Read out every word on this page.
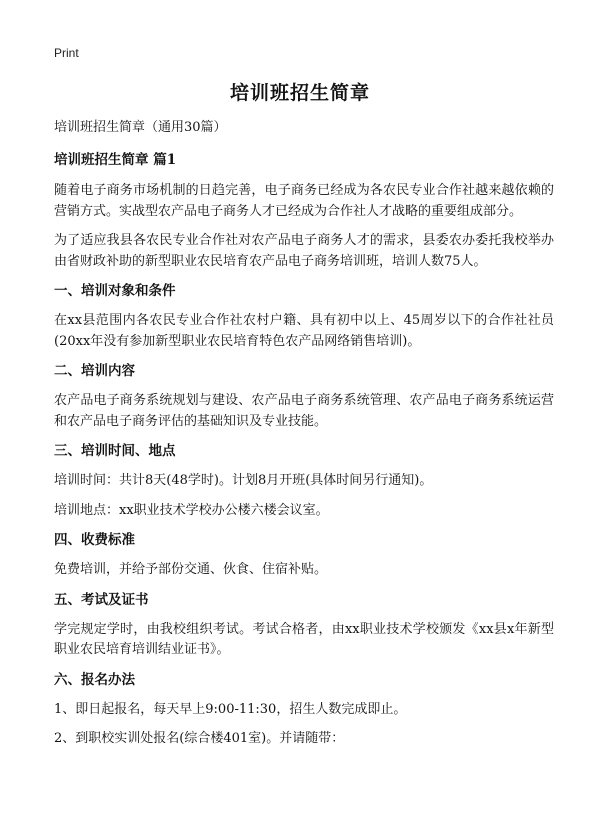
Print
培训班招生简章
培训班招生简章（通用30篇）
培训班招生简章 篇1

随着电子商务市场机制的日趋完善，电子商务已经成为各农民专业合作社越来越依赖的营销方式。实战型农产品电子商务人才已经成为合作社人才战略的重要组成部分。

为了适应我县各农民专业合作社对农产品电子商务人才的需求，县委农办委托我校举办由省财政补助的新型职业农民培育农产品电子商务培训班，培训人数75人。

一、培训对象和条件

在xx县范围内各农民专业合作社农村户籍、具有初中以上、45周岁以下的合作社社员(20xx年没有参加新型职业农民培育特色农产品网络销售培训)。

二、培训内容

农产品电子商务系统规划与建设、农产品电子商务系统管理、农产品电子商务系统运营和农产品电子商务评估的基础知识及专业技能。

三、培训时间、地点

培训时间：共计8天(48学时)。计划8月开班(具体时间另行通知)。

培训地点：xx职业技术学校办公楼六楼会议室。

四、收费标准

免费培训，并给予部份交通、伙食、住宿补贴。

五、考试及证书

学完规定学时，由我校组织考试。考试合格者，由xx职业技术学校颁发《xx县x年新型职业农民培育培训结业证书》。

六、报名办法

1、即日起报名，每天早上9:00-11:30，招生人数完成即止。

2、到职校实训处报名(综合楼401室)。并请随带：
